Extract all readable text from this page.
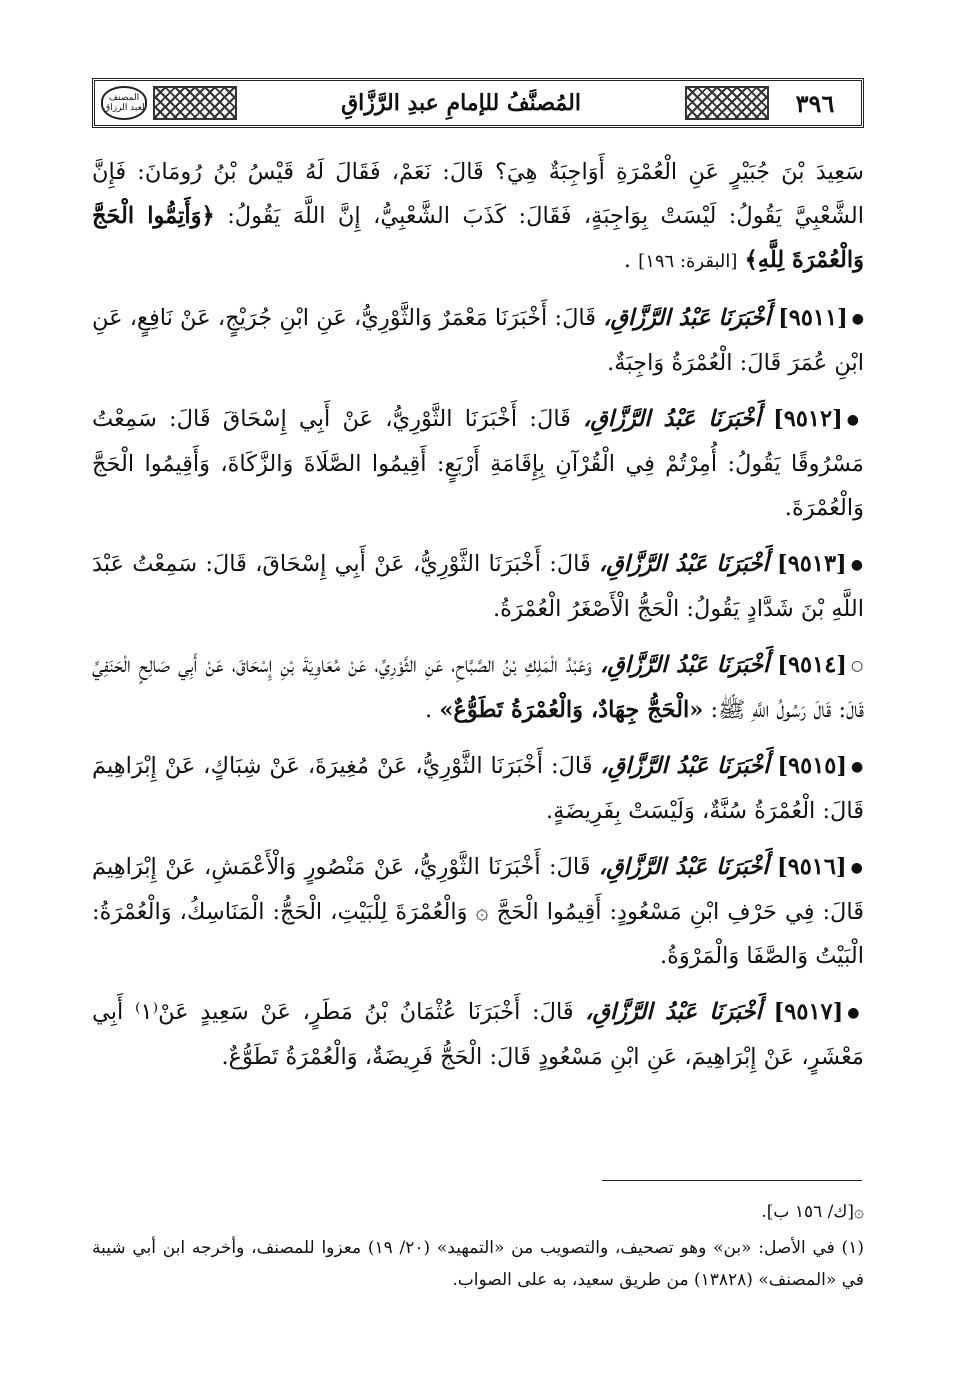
المصنف لعبد الرزاق	المُصنَّفُ للإمامِ عبدِ الرَّزَّاقِ	٣٩٦

سَعِيدَ بْنَ جُبَيْرٍ عَنِ الْعُمْرَةِ أَوَاجِبَةٌ هِيَ؟ قَالَ: نَعَمْ، فَقَالَ لَهُ قَيْسُ بْنُ رُومَانَ: فَإِنَّ الشَّعْبِيَّ يَقُولُ: لَيْسَتْ بِوَاجِبَةٍ، فَقَالَ: كَذَبَ الشَّعْبِيُّ، إِنَّ اللَّهَ يَقُولُ: ﴿وَأَتِمُّوا الْحَجَّ وَالْعُمْرَةَ لِلَّهِ﴾ [البقرة: ١٩٦] .

●[٩٥١١] أَخْبَرَنَا عَبْدُ الرَّزَّاقِ، قَالَ: أَخْبَرَنَا مَعْمَرٌ وَالثَّوْرِيُّ، عَنِ ابْنِ جُرَيْجٍ، عَنْ نَافِعٍ، عَنِ ابْنِ عُمَرَ قَالَ: الْعُمْرَةُ وَاجِبَةٌ.

●[٩٥١٢] أَخْبَرَنَا عَبْدُ الرَّزَّاقِ، قَالَ: أَخْبَرَنَا الثَّوْرِيُّ، عَنْ أَبِي إِسْحَاقَ قَالَ: سَمِعْتُ مَسْرُوقًا يَقُولُ: أُمِرْتُمْ فِي الْقُرْآنِ بِإِقَامَةِ أَرْبَعٍ: أَقِيمُوا الصَّلَاةَ وَالزَّكَاةَ، وَأَقِيمُوا الْحَجَّ وَالْعُمْرَةَ.

●[٩٥١٣] أَخْبَرَنَا عَبْدُ الرَّزَّاقِ، قَالَ: أَخْبَرَنَا الثَّوْرِيُّ، عَنْ أَبِي إِسْحَاقَ، قَالَ: سَمِعْتُ عَبْدَ اللَّهِ بْنَ شَدَّادٍ يَقُولُ: الْحَجُّ الْأَصْغَرُ الْعُمْرَةُ.

○[٩٥١٤] أَخْبَرَنَا عَبْدُ الرَّزَّاقِ، وَعَبْدُ الْمَلِكِ بْنُ الصَّبَّاحِ، عَنِ الثَّوْرِيِّ، عَنْ مُعَاوِيَةَ بْنِ إِسْحَاقَ، عَنْ أَبِي صَالِحٍ الْحَنَفِيِّ قَالَ: قَالَ رَسُولُ اللَّهِ ﷺ: «الْحَجُّ جِهَادٌ، وَالْعُمْرَةُ تَطَوُّعٌ» .

●[٩٥١٥] أَخْبَرَنَا عَبْدُ الرَّزَّاقِ، قَالَ: أَخْبَرَنَا الثَّوْرِيُّ، عَنْ مُغِيرَةَ، عَنْ شِبَاكٍ، عَنْ إِبْرَاهِيمَ قَالَ: الْعُمْرَةُ سُنَّةٌ، وَلَيْسَتْ بِفَرِيضَةٍ.

●[٩٥١٦] أَخْبَرَنَا عَبْدُ الرَّزَّاقِ، قَالَ: أَخْبَرَنَا الثَّوْرِيُّ، عَنْ مَنْصُورٍ وَالْأَعْمَشِ، عَنْ إِبْرَاهِيمَ قَالَ: فِي حَرْفِ ابْنِ مَسْعُودٍ: أَقِيمُوا الْحَجَّ ۞ وَالْعُمْرَةَ لِلْبَيْتِ، الْحَجُّ: الْمَنَاسِكُ، وَالْعُمْرَةُ: الْبَيْتُ وَالصَّفَا وَالْمَرْوَةُ.

●[٩٥١٧] أَخْبَرَنَا عَبْدُ الرَّزَّاقِ، قَالَ: أَخْبَرَنَا عُثْمَانُ بْنُ مَطَرٍ، عَنْ سَعِيدٍ عَنْ⁽١⁾ أَبِي مَعْشَرٍ، عَنْ إِبْرَاهِيمَ، عَنِ ابْنِ مَسْعُودٍ قَالَ: الْحَجُّ فَرِيضَةٌ، وَالْعُمْرَةُ تَطَوُّعٌ.

۞[ك/ ١٥٦ ب].

(١) في الأصل: «بن» وهو تصحيف، والتصويب من «التمهيد» (٢٠/ ١٩) معزوا للمصنف، وأخرجه ابن أبي شيبة في «المصنف» (١٣٨٢٨) من طريق سعيد، به على الصواب.
